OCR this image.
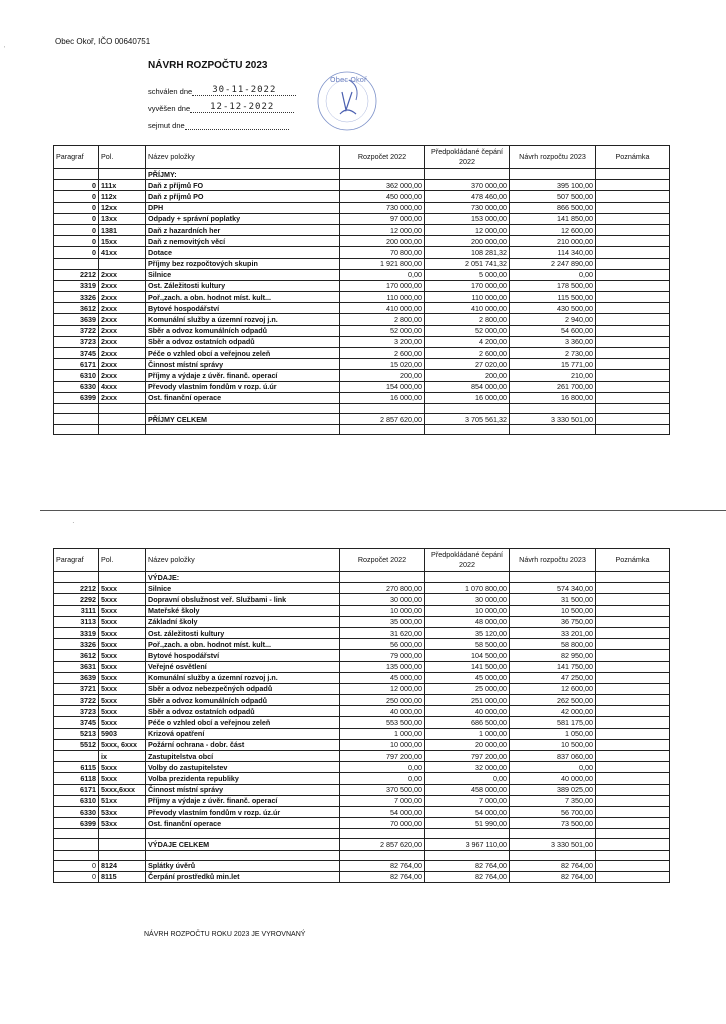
ˈ
Obec Okoř, IČO 00640751
NÁVRH ROZPOČTU 2023
schválen dne 30-11-2022
vyvěšen dne 12-12-2022
sejmut dne
Obec Okoř
Paragraf	Pol.	Název položky	Rozpočet 2022	Předpokládané čepání 2022	Návrh rozpočtu 2023	Poznámka
		PŘÍJMY:				
0	111x	Daň z příjmů FO	362 000,00	370 000,00	395 100,00	
0	112x	Daň z příjmů PO	450 000,00	478 460,00	507 500,00	
0	12xx	DPH	730 000,00	730 000,00	866 500,00	
0	13xx	Odpady + správní poplatky	97 000,00	153 000,00	141 850,00	
0	1381	Daň z hazardních her	12 000,00	12 000,00	12 600,00	
0	15xx	Daň z nemovitých věcí	200 000,00	200 000,00	210 000,00	
0	41xx	Dotace	70 800,00	108 281,32	114 340,00	
		Příjmy bez rozpočtových skupin	1 921 800,00	2 051 741,32	2 247 890,00	
2212	2xxx	Silnice	0,00	5 000,00	0,00	
3319	2xxx	Ost. Záležitosti kultury	170 000,00	170 000,00	178 500,00	
3326	2xxx	Poř.,zach. a obn. hodnot míst. kult...	110 000,00	110 000,00	115 500,00	
3612	2xxx	Bytové hospodářství	410 000,00	410 000,00	430 500,00	
3639	2xxx	Komunální služby a územní rozvoj j.n.	2 800,00	2 800,00	2 940,00	
3722	2xxx	Sběr a odvoz komunálních odpadů	52 000,00	52 000,00	54 600,00	
3723	2xxx	Sběr a odvoz ostatních odpadů	3 200,00	4 200,00	3 360,00	
3745	2xxx	Péče o vzhled obcí a veřejnou zeleň	2 600,00	2 600,00	2 730,00	
6171	2xxx	Činnost místní správy	15 020,00	27 020,00	15 771,00	
6310	2xxx	Příjmy a výdaje z úvěr. finanč. operací	200,00	200,00	210,00	
6330	4xxx	Převody vlastním fondům v rozp. ú.úr	154 000,00	854 000,00	261 700,00	
6399	2xxx	Ost. finanční operace	16 000,00	16 000,00	16 800,00	

		PŘÍJMY CELKEM	2 857 620,00	3 705 561,32	3 330 501,00	

·
Paragraf	Pol.	Název položky	Rozpočet 2022	Předpokládané čepání 2022	Návrh rozpočtu 2023	Poznámka
		VÝDAJE:				
2212	5xxx	Silnice	270 800,00	1 070 800,00	574 340,00	
2292	5xxx	Dopravní obslužnost veř. Službami - link	30 000,00	30 000,00	31 500,00	
3111	5xxx	Mateřské školy	10 000,00	10 000,00	10 500,00	
3113	5xxx	Základní školy	35 000,00	48 000,00	36 750,00	
3319	5xxx	Ost. záležitosti kultury	31 620,00	35 120,00	33 201,00	
3326	5xxx	Poř.,zach. a obn. hodnot míst. kult...	56 000,00	58 500,00	58 800,00	
3612	5xxx	Bytové hospodářství	79 000,00	104 500,00	82 950,00	
3631	5xxx	Veřejné osvětlení	135 000,00	141 500,00	141 750,00	
3639	5xxx	Komunální služby a územní rozvoj j.n.	45 000,00	45 000,00	47 250,00	
3721	5xxx	Sběr a odvoz nebezpečných odpadů	12 000,00	25 000,00	12 600,00	
3722	5xxx	Sběr a odvoz komunálních odpadů	250 000,00	251 000,00	262 500,00	
3723	5xxx	Sběr a odvoz ostatních odpadů	40 000,00	40 000,00	42 000,00	
3745	5xxx	Péče o vzhled obcí a veřejnou zeleň	553 500,00	686 500,00	581 175,00	
5213	5903	Krizová opatření	1 000,00	1 000,00	1 050,00	
5512	5xxx, 6xxx	Požární ochrana - dobr. část	10 000,00	20 000,00	10 500,00	
	ix	Zastupitelstva obcí	797 200,00	797 200,00	837 060,00	
6115	5xxx	Volby do zastupitelstev	0,00	32 000,00	0,00	
6118	5xxx	Volba prezidenta republiky	0,00	0,00	40 000,00	
6171	5xxx,6xxx	Činnost místní správy	370 500,00	458 000,00	389 025,00	
6310	51xx	Příjmy a výdaje z úvěr. finanč. operací	7 000,00	7 000,00	7 350,00	
6330	53xx	Převody vlastním fondům v rozp. úz.úr	54 000,00	54 000,00	56 700,00	
6399	53xx	Ost. finanční operace	70 000,00	51 990,00	73 500,00	

		VÝDAJE CELKEM	2 857 620,00	3 967 110,00	3 330 501,00	

0	8124	Splátky úvěrů	82 764,00	82 764,00	82 764,00	
0	8115	Čerpání prostředků min.let	82 764,00	82 764,00	82 764,00	
NÁVRH ROZPOČTU ROKU 2023 JE VYROVNANÝ
